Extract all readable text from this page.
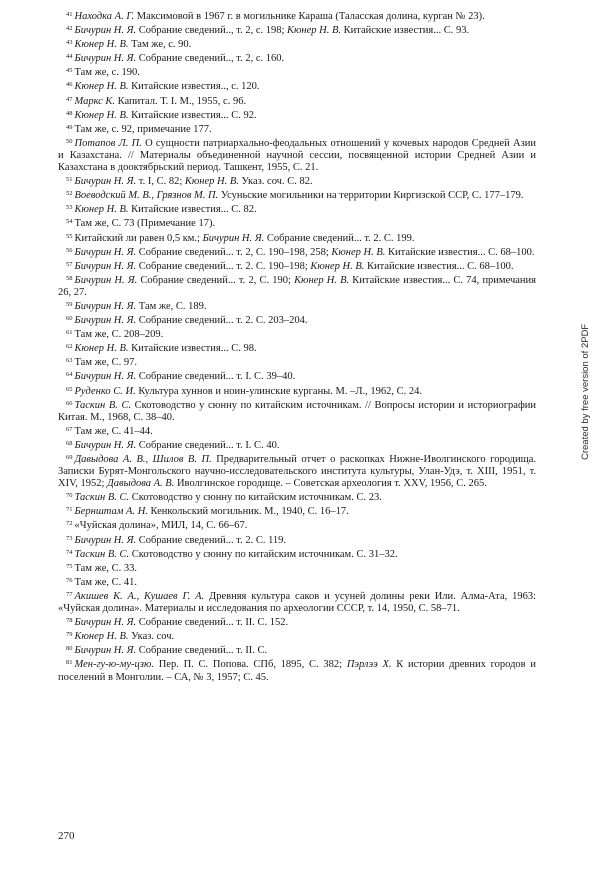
$^{41}$ Находка А. Г. Максимовой в 1967 г. в могильнике Караша (Таласская долина, курган № 23).

$^{42}$ Бичурин Н. Я. Собрание сведений.., т. 2, с. 198; Кюнер Н. В. Китайские известия... С. 93.

$^{43}$ Кюнер Н. В. Там же, с. 90.

$^{44}$ Бичурин Н. Я. Собрание сведений.., т. 2, с. 160.

$^{45}$ Там же, с. 190.

$^{46}$ Кюнер Н. В. Китайские известия.., с. 120.

$^{47}$ Маркс К. Капитал. Т. I. М., 1955, с. 96.

$^{48}$ Кюнер Н. В. Китайские известия... С. 92.

$^{49}$ Там же, с. 92, примечание 177.

$^{50}$ Потапов Л. П. О сущности патриархально-феодальных отношений у кочевых народов Средней Азии и Казахстана. // Материалы объединенной научной сессии, посвященной истории Средней Азии и Казахстана в дооктябрьский период. Ташкент, 1955, С. 21.

$^{51}$ Бичурин Н. Я. т. I, С. 82; Кюнер Н. В. Указ. соч. С. 82.

$^{52}$ Воеводский М. В., Грязнов М. П. Усуньские могильники на территории Киргизской ССР, С. 177–179.

$^{53}$ Кюнер Н. В. Китайские известия... С. 82.

$^{54}$ Там же, С. 73 (Примечание 17).

$^{55}$ Китайский ли равен 0,5 км.; Бичурин Н. Я. Собрание сведений... т. 2. С. 199.

$^{56}$ Бичурин Н. Я. Собрание сведений... т. 2, С. 190–198, 258; Кюнер Н. В. Китайские известия... С. 68–100.

$^{57}$ Бичурин Н. Я. Собрание сведений... т. 2. С. 190–198; Кюнер Н. В. Китайские известия... С. 68–100.

$^{58}$ Бичурин Н. Я. Собрание сведений... т. 2, С. 190; Кюнер Н. В. Китайские известия... С. 74, примечания 26, 27.

$^{59}$ Бичурин Н. Я. Там же, С. 189.

$^{60}$ Бичурин Н. Я. Собрание сведений... т. 2. С. 203–204.

$^{61}$ Там же, С. 208–209.

$^{62}$ Кюнер Н. В. Китайские известия... С. 98.

$^{63}$ Там же, С. 97.

$^{64}$ Бичурин Н. Я. Собрание сведений... т. I. С. 39–40.

$^{65}$ Руденко С. И. Культура хуннов и ноин-улинские курганы. М. –Л., 1962, С. 24.

$^{66}$ Таскин В. С. Скотоводство у сюнну по китайским источникам. // Вопросы истории и историографии Китая. М., 1968, С. 38–40.

$^{67}$ Там же, С. 41–44.

$^{68}$ Бичурин Н. Я. Собрание сведений... т. I. С. 40.

$^{69}$ Давыдова А. В., Шилов В. П. Предварительный отчет о раскопках Нижне-Иволгинского городища. Записки Бурят-Монгольского научно-исследовательского института культуры, Улан-Удэ, т. XIII, 1951, т. XIV, 1952; Давыдова А. В. Иволгинское городище. – Советская археология т. XXV, 1956, С. 265.

$^{70}$ Таскин В. С. Скотоводство у сюнну по китайским источникам. С. 23.

$^{71}$ Бернштам А. Н. Кенкольский могильник. М., 1940, С. 16–17.

$^{72}$ «Чуйская долина», МИЛ, 14, С. 66–67.

$^{73}$ Бичурин Н. Я. Собрание сведений... т. 2. С. 119.

$^{74}$ Таскин В. С. Скотоводство у сюнну по китайским источникам. С. 31–32.

$^{75}$ Там же, С. 33.

$^{76}$ Там же, С. 41.

$^{77}$ Акишев К. А., Кушаев Г. А. Древняя культура саков и усуней долины реки Или. Алма-Ата, 1963: «Чуйская долина». Материалы и исследования по археологии СССР, т. 14, 1950, С. 58–71.

$^{78}$ Бичурин Н. Я. Собрание сведений... т. II. С. 152.

$^{79}$ Кюнер Н. В. Указ. соч.

$^{80}$ Бичурин Н. Я. Собрание сведений... т. II. С.

$^{81}$ Мен-гу-ю-му-цзю. Пер. П. С. Попова. СПб, 1895, С. 382; Пэрлээ Х. К истории древних городов и поселений в Монголии. – СА, № 3, 1957; С. 45.

270
Created by free version of 2PDF
